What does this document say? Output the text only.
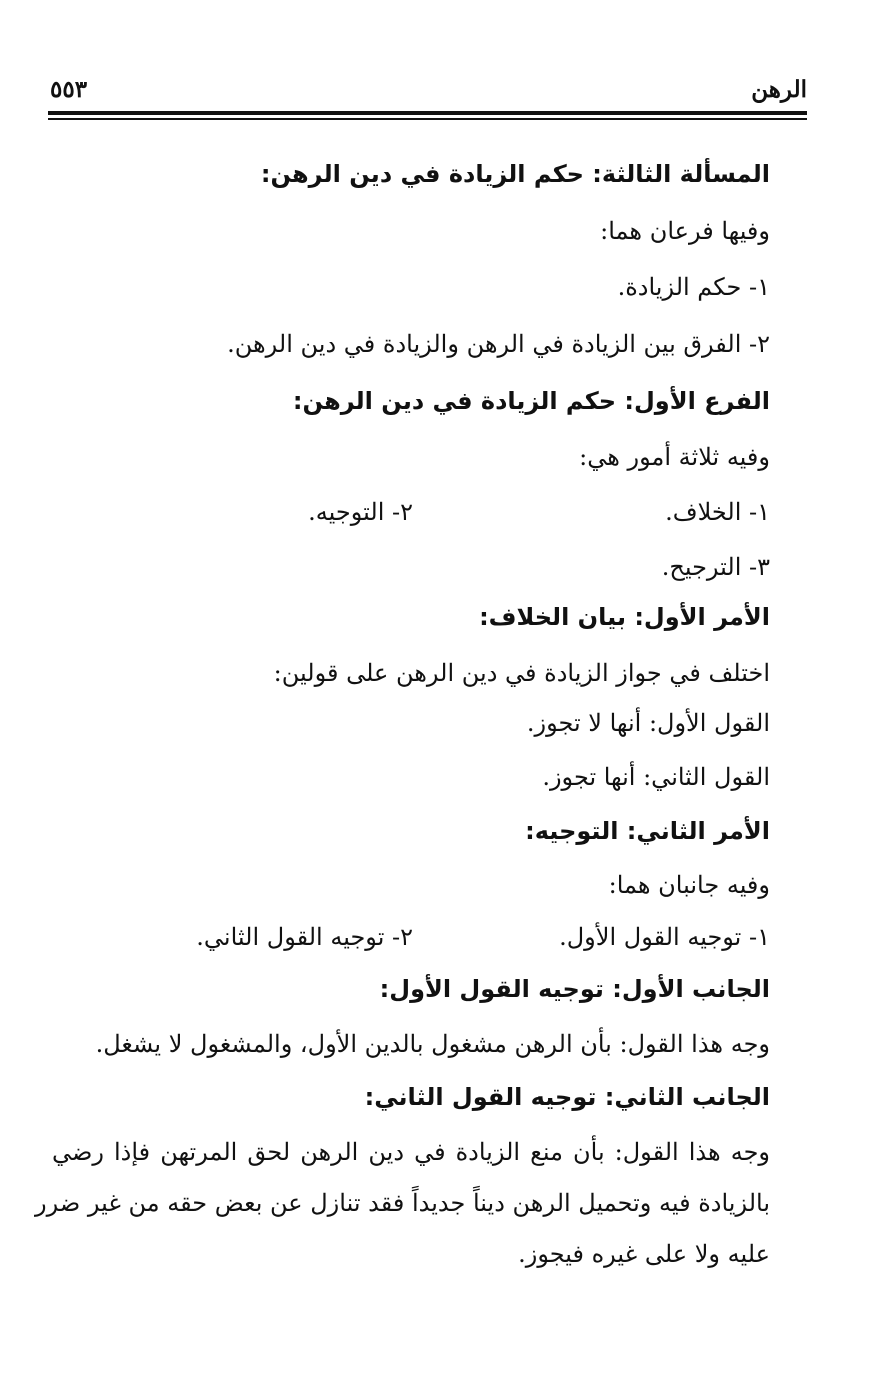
الرهن
٥٥٣
المسألة الثالثة: حكم الزيادة في دين الرهن:
وفيها فرعان هما:
١- حكم الزيادة.
٢- الفرق بين الزيادة في الرهن والزيادة في دين الرهن.
الفرع الأول: حكم الزيادة في دين الرهن:
وفيه ثلاثة أمور هي:
١- الخلاف.
٢- التوجيه.
٣- الترجيح.
الأمر الأول: بيان الخلاف:
اختلف في جواز الزيادة في دين الرهن على قولين:
القول الأول: أنها لا تجوز.
القول الثاني: أنها تجوز.
الأمر الثاني: التوجيه:
وفيه جانبان هما:
١- توجيه القول الأول.
٢- توجيه القول الثاني.
الجانب الأول: توجيه القول الأول:
وجه هذا القول: بأن الرهن مشغول بالدين الأول، والمشغول لا يشغل.
الجانب الثاني: توجيه القول الثاني:
وجه هذا القول: بأن منع الزيادة في دين الرهن لحق المرتهن فإذا رضي
بالزيادة فيه وتحميل الرهن ديناً جديداً فقد تنازل عن بعض حقه من غير ضرر
عليه ولا على غيره فيجوز.
